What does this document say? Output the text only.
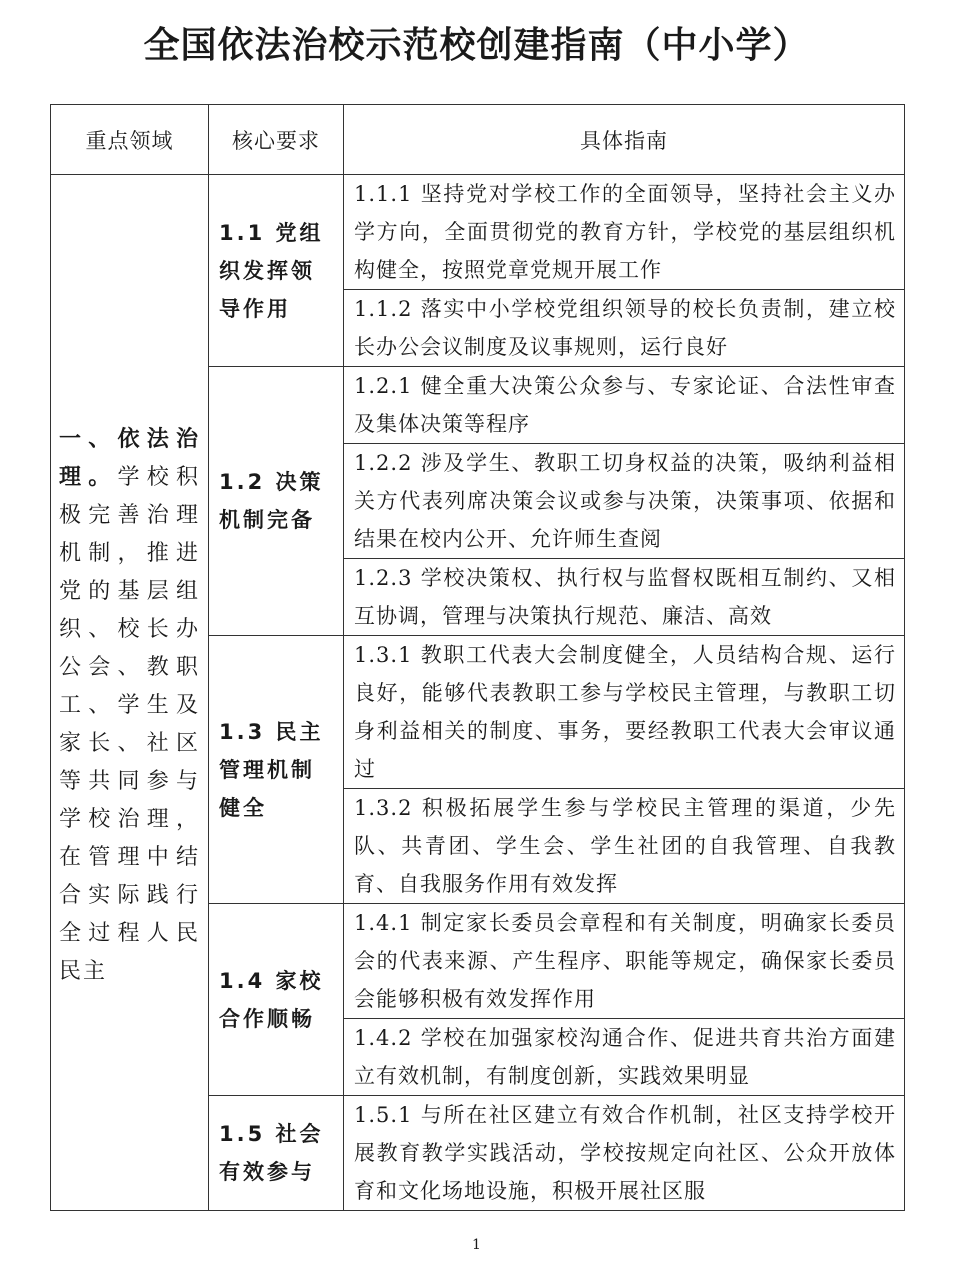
全国依法治校示范校创建指南（中小学）
重点领域	核心要求	具体指南

一、依法治理。学校积极完善治理机制，推进党的基层组织、校长办公会、教职工、学生及家长、社区等共同参与学校治理，在管理中结合实际践行全过程人民民主	1.1 党组织发挥领导作用	1.1.1 坚持党对学校工作的全面领导，坚持社会主义办学方向，全面贯彻党的教育方针，学校党的基层组织机构健全，按照党章党规开展工作

		1.1.2 落实中小学校党组织领导的校长负责制，建立校长办公会议制度及议事规则，运行良好

	1.2 决策机制完备	1.2.1 健全重大决策公众参与、专家论证、合法性审查及集体决策等程序

		1.2.2 涉及学生、教职工切身权益的决策，吸纳利益相关方代表列席决策会议或参与决策，决策事项、依据和结果在校内公开、允许师生查阅

		1.2.3 学校决策权、执行权与监督权既相互制约、又相互协调，管理与决策执行规范、廉洁、高效

	1.3 民主管理机制健全	1.3.1 教职工代表大会制度健全，人员结构合规、运行良好，能够代表教职工参与学校民主管理，与教职工切身利益相关的制度、事务，要经教职工代表大会审议通过

		1.3.2 积极拓展学生参与学校民主管理的渠道，少先队、共青团、学生会、学生社团的自我管理、自我教育、自我服务作用有效发挥

	1.4 家校合作顺畅	1.4.1 制定家长委员会章程和有关制度，明确家长委员会的代表来源、产生程序、职能等规定，确保家长委员会能够积极有效发挥作用

		1.4.2 学校在加强家校沟通合作、促进共育共治方面建立有效机制，有制度创新，实践效果明显

	1.5 社会有效参与	1.5.1 与所在社区建立有效合作机制，社区支持学校开展教育教学实践活动，学校按规定向社区、公众开放体育和文化场地设施，积极开展社区服

1
